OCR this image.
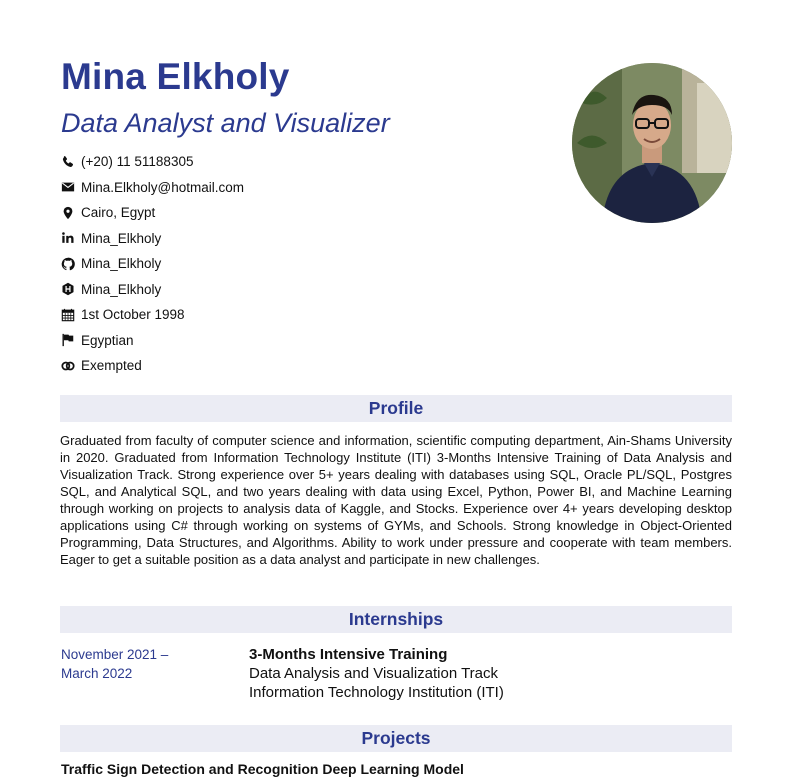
Mina Elkholy
Data Analyst and Visualizer
(+20) 11 51188305
Mina.Elkholy@hotmail.com
Cairo, Egypt
Mina_Elkholy
Mina_Elkholy
Mina_Elkholy
1st October 1998
Egyptian
Exempted
Profile
Graduated from faculty of computer science and information, scientific computing department, Ain-Shams University in 2020. Graduated from Information Technology Institute (ITI) 3-Months Intensive Training of Data Analysis and Visualization Track. Strong experience over 5+ years dealing with databases using SQL, Oracle PL/SQL, Postgres SQL, and Analytical SQL, and two years dealing with data using Excel, Python, Power BI, and Machine Learning through working on projects to analysis data of Kaggle, and Stocks. Experience over 4+ years developing desktop applications using C# through working on systems of GYMs, and Schools. Strong knowledge in Object-Oriented Programming, Data Structures, and Algorithms. Ability to work under pressure and cooperate with team members. Eager to get a suitable position as a data analyst and participate in new challenges.
Internships
November 2021 –
March 2022
3-Months Intensive Training
Data Analysis and Visualization Track
Information Technology Institution (ITI)
Projects
Traffic Sign Detection and Recognition Deep Learning Model
